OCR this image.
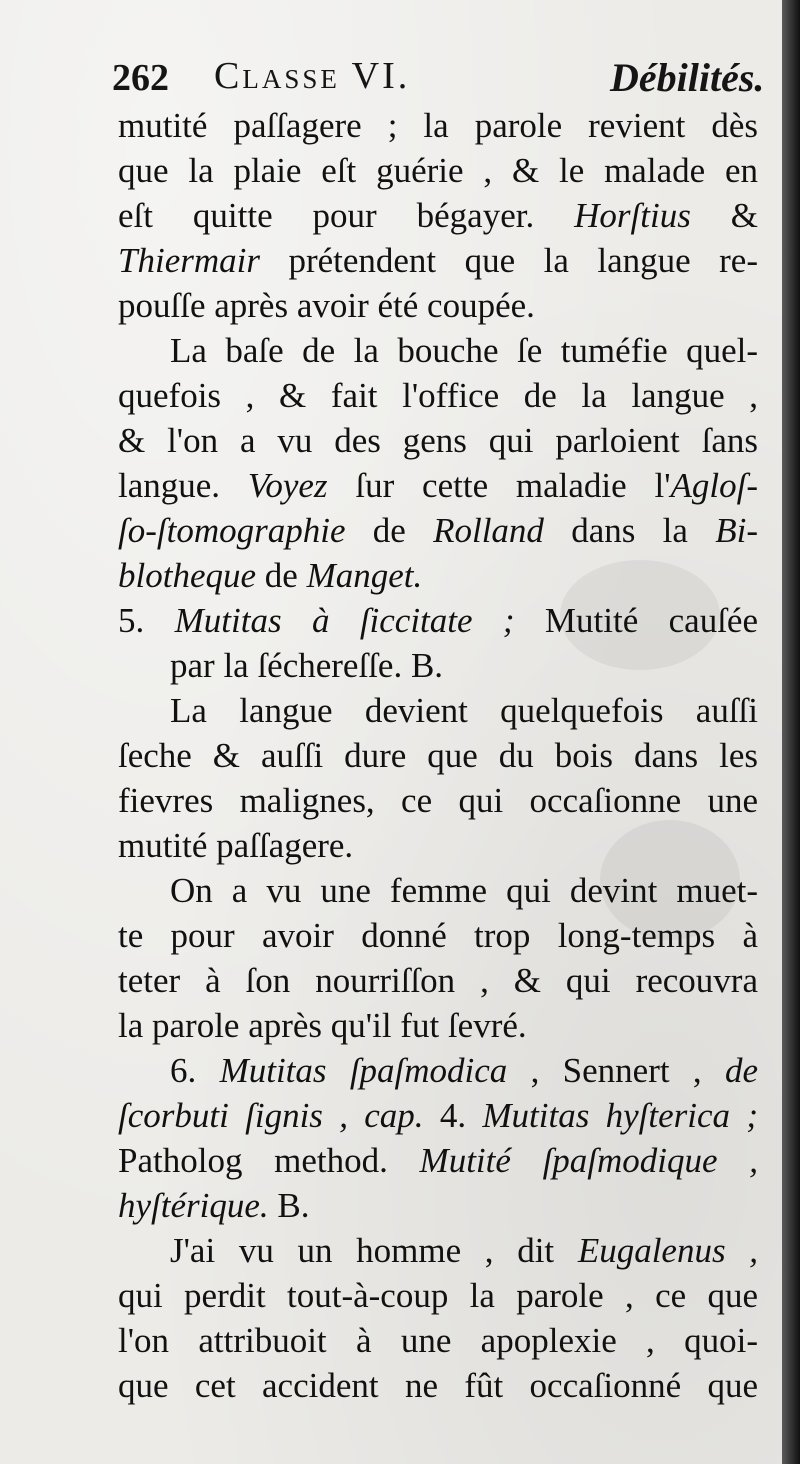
262 Classe VI.	Débilités.
mutité paſſagere ; la parole revient dès
que la plaie eſt guérie , & le malade en
eſt quitte pour bégayer. Horſtius &
Thiermair prétendent que la langue re-
pouſſe après avoir été coupée.
La baſe de la bouche ſe tuméfie quel-
quefois , & fait l'office de la langue ,
& l'on a vu des gens qui parloient ſans
langue. Voyez ſur cette maladie l'Agloſ-
ſo-ſtomographie de Rolland dans la Bi-
blotheque de Manget.
5. Mutitas à ſiccitate ; Mutité cauſée
par la ſéchereſſe. B.
La langue devient quelquefois auſſi
ſeche & auſſi dure que du bois dans les
fievres malignes, ce qui occaſionne une
mutité paſſagere.
On a vu une femme qui devint muet-
te pour avoir donné trop long-temps à
teter à ſon nourriſſon , & qui recouvra
la parole après qu'il fut ſevré.
6. Mutitas ſpaſmodica , Sennert , de
ſcorbuti ſignis , cap. 4. Mutitas hyſterica ;
Patholog method. Mutité ſpaſmodique ,
hyſtérique. B.
J'ai vu un homme , dit Eugalenus ,
qui perdit tout-à-coup la parole , ce que
l'on attribuoit à une apoplexie , quoi-
que cet accident ne fût occaſionné que
